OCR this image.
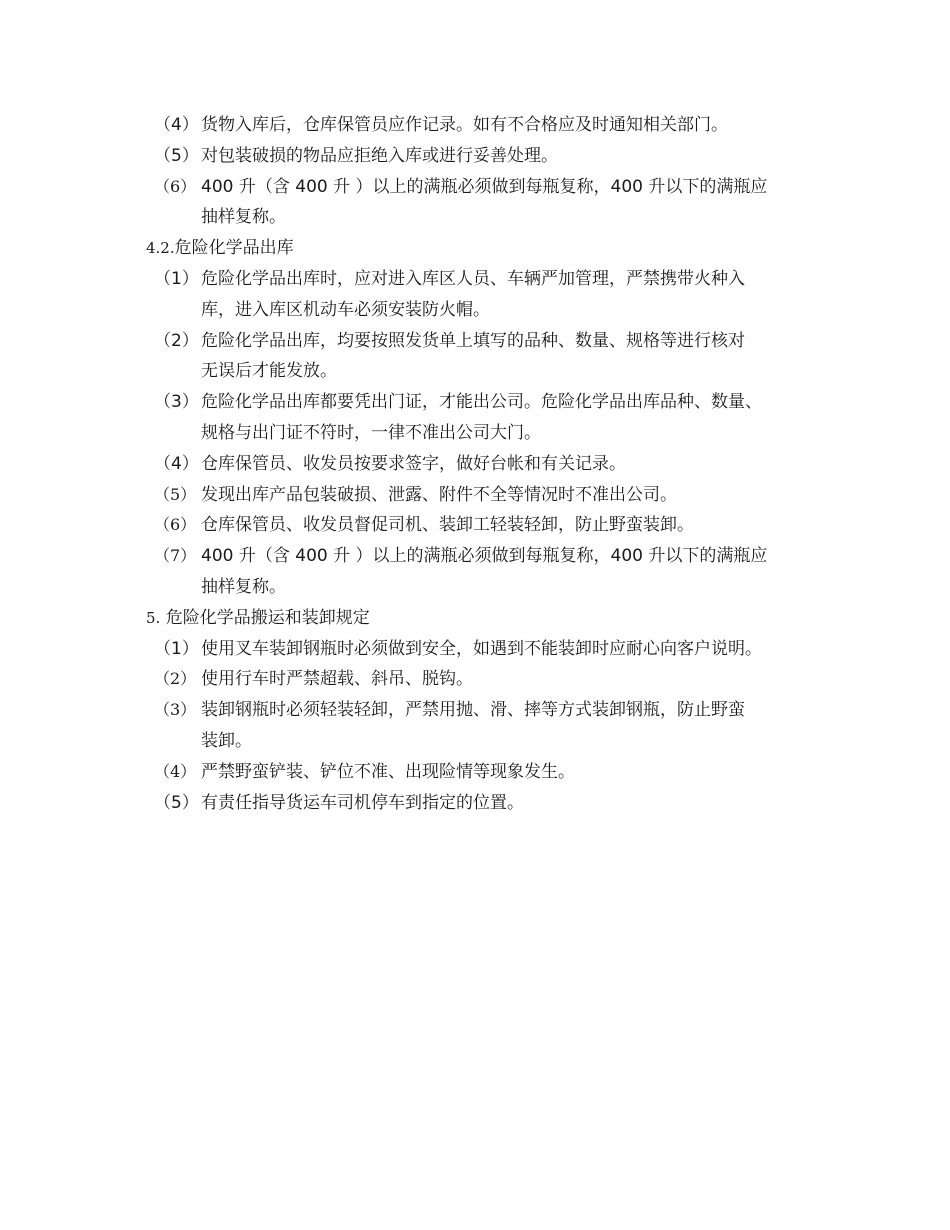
（4） 货物入库后，仓库保管员应作记录。如有不合格应及时通知相关部门。
（5） 对包装破损的物品应拒绝入库或进行妥善处理。
（6） 400 升（含 400 升 ）以上的满瓶必须做到每瓶复称，400 升以下的满瓶应
抽样复称。
4.2.危险化学品出库
（1） 危险化学品出库时，应对进入库区人员、车辆严加管理，严禁携带火种入
库，进入库区机动车必须安装防火帽。
（2） 危险化学品出库，均要按照发货单上填写的品种、数量、规格等进行核对
无误后才能发放。
（3） 危险化学品出库都要凭出门证，才能出公司。危险化学品出库品种、数量、
规格与出门证不符时，一律不准出公司大门。
（4） 仓库保管员、收发员按要求签字，做好台帐和有关记录。
（5） 发现出库产品包装破损、泄露、附件不全等情况时不准出公司。
（6） 仓库保管员、收发员督促司机、装卸工轻装轻卸，防止野蛮装卸。
（7） 400 升（含 400 升 ）以上的满瓶必须做到每瓶复称，400 升以下的满瓶应
抽样复称。
5. 危险化学品搬运和装卸规定
（1） 使用叉车装卸钢瓶时必须做到安全，如遇到不能装卸时应耐心向客户说明。
（2） 使用行车时严禁超载、斜吊、脱钩。
（3） 装卸钢瓶时必须轻装轻卸，严禁用抛、滑、摔等方式装卸钢瓶，防止野蛮
装卸。
（4） 严禁野蛮铲装、铲位不准、出现险情等现象发生。
（5） 有责任指导货运车司机停车到指定的位置。
